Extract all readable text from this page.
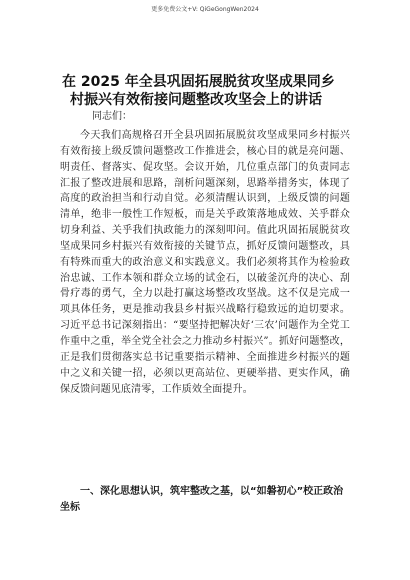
更多免费公文+V: QiGeGongWen2024
在 2025 年全县巩固拓展脱贫攻坚成果同乡
村振兴有效衔接问题整改攻坚会上的讲话
同志们：

今天我们高规格召开全县巩固拓展脱贫攻坚成果同乡村振兴有效衔接上级反馈问题整改工作推进会，核心目的就是亮问题、明责任、督落实、促攻坚。会议开始，几位重点部门的负责同志汇报了整改进展和思路，剖析问题深刻，思路举措务实，体现了高度的政治担当和行动自觉。必须清醒认识到，上级反馈的问题清单，绝非一般性工作短板，而是关乎政策落地成效、关乎群众切身利益、关乎我们执政能力的深刻叩问。值此巩固拓展脱贫攻坚成果同乡村振兴有效衔接的关键节点，抓好反馈问题整改，具有特殊而重大的政治意义和实践意义。我们必须将其作为检验政治忠诚、工作本领和群众立场的试金石，以破釜沉舟的决心、刮骨疗毒的勇气，全力以赴打赢这场整改攻坚战。这不仅是完成一项具体任务，更是推动我县乡村振兴战略行稳致远的迫切要求。习近平总书记深刻指出：“要坚持把解决好‘三农’问题作为全党工作重中之重，举全党全社会之力推动乡村振兴”。抓好问题整改，正是我们贯彻落实总书记重要指示精神、全面推进乡村振兴的题中之义和关键一招，必须以更高站位、更硬举措、更实作风，确保反馈问题见底清零，工作质效全面提升。

一、深化思想认识，筑牢整改之基，以“如磐初心”校正政治坐标
